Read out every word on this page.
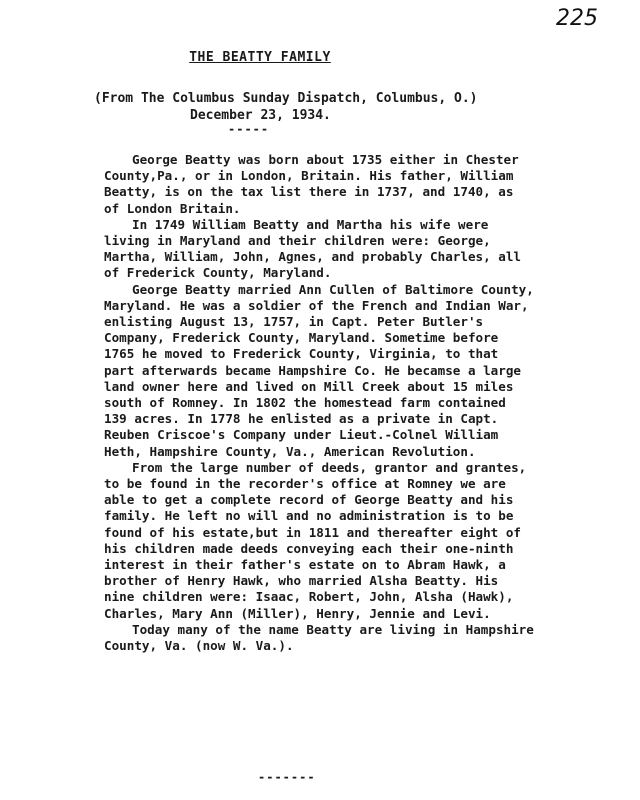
225
THE BEATTY FAMILY
(From The Columbus Sunday Dispatch, Columbus, O.)
December 23, 1934.
-----

George Beatty was born about 1735 either in Chester County,Pa., or in London, Britain. His father, William Beatty, is on the tax list there in 1737, and 1740, as of London Britain.

In 1749 William Beatty and Martha his wife were living in Maryland and their children were: George, Martha, William, John, Agnes, and probably Charles, all of Frederick County, Maryland.

George Beatty married Ann Cullen of Baltimore County, Maryland. He was a soldier of the French and Indian War, enlisting August 13, 1757, in Capt. Peter Butler's Company, Frederick County, Maryland. Sometime before 1765 he moved to Frederick County, Virginia, to that part afterwards became Hampshire Co. He becamse a large land owner here and lived on Mill Creek about 15 miles south of Romney. In 1802 the homestead farm contained 139 acres. In 1778 he enlisted as a private in Capt. Reuben Criscoe's Company under Lieut.-Colnel William Heth, Hampshire County, Va., American Revolution.

From the large number of deeds, grantor and grantes, to be found in the recorder's office at Romney we are able to get a complete record of George Beatty and his family. He left no will and no administration is to be found of his estate,but in 1811 and thereafter eight of his children made deeds conveying each their one-ninth interest in their father's estate on to Abram Hawk, a brother of Henry Hawk, who married Alsha Beatty. His nine children were: Isaac, Robert, John, Alsha (Hawk), Charles, Mary Ann (Miller), Henry, Jennie and Levi.

Today many of the name Beatty are living in Hampshire County, Va. (now W. Va.).

-------
